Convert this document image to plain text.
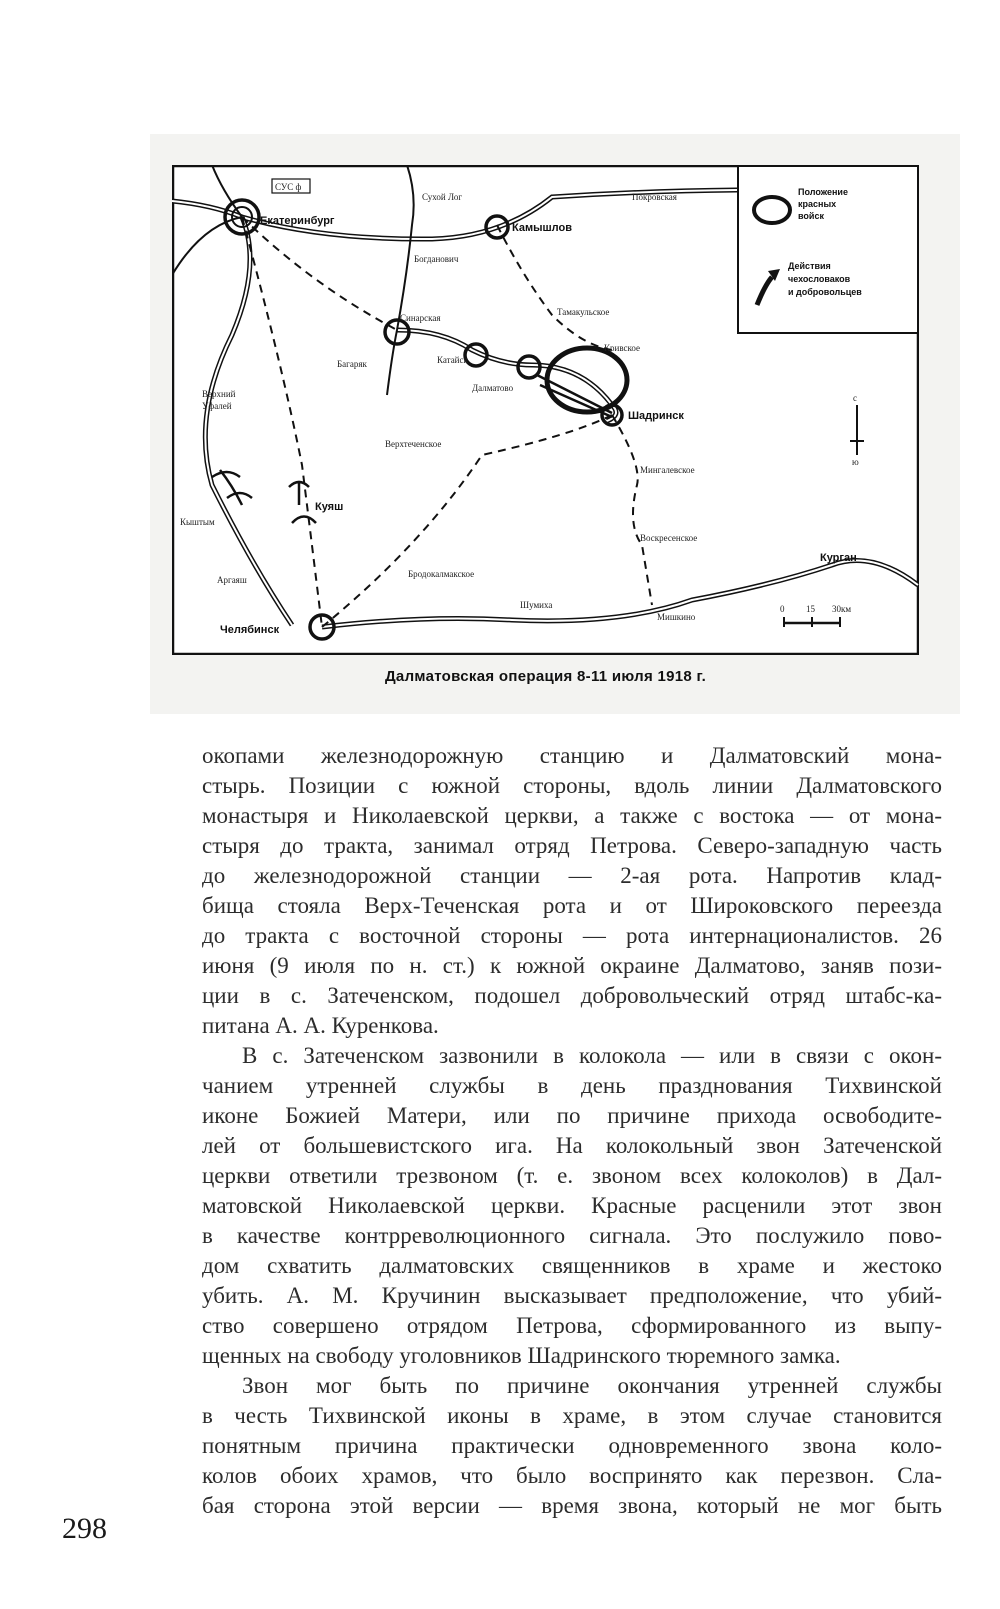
Положение
красных
войск
Действия
чехословаков
и добровольцев
с
ю
0 15 30км
СУС ф
Екатеринбург
Камышлов
Сухой Лог	Покровская
Богданович
Синарская
Багаряк	Катайск
Далматово
Тамакульское
Кривское
Шадринск
Верхний
Уфалей
Верхтеченское
Мингалевское
Кыштым
Куяш
Воскресенское
Аргаяш
Бродокалмакское
Курган
Шумиха
Мишкино
Челябинск
Далматовская операция 8-11 июля 1918 г.
окопами железнодорожную станцию и Далматовский мона-
стырь. Позиции с южной стороны, вдоль линии Далматовского
монастыря и Николаевской церкви, а также с востока — от мона-
стыря до тракта, занимал отряд Петрова. Северо-западную часть
до железнодорожной станции — 2-ая рота. Напротив клад-
бища стояла Верх-Теченская рота и от Широковского переезда
до тракта с восточной стороны — рота интернационалистов. 26
июня (9 июля по н. ст.) к южной окраине Далматово, заняв пози-
ции в с. Затеченском, подошел добровольческий отряд штабс-ка-
питана А. А. Куренкова.
В с. Затеченском зазвонили в колокола — или в связи с окон-
чанием утренней службы в день празднования Тихвинской
иконе Божией Матери, или по причине прихода освободите-
лей от большевистского ига. На колокольный звон Затеченской
церкви ответили трезвоном (т. е. звоном всех колоколов) в Дал-
матовской Николаевской церкви. Красные расценили этот звон
в качестве контрреволюционного сигнала. Это послужило пово-
дом схватить далматовских священников в храме и жестоко
убить. А. М. Кручинин высказывает предположение, что убий-
ство совершено отрядом Петрова, сформированного из выпу-
щенных на свободу уголовников Шадринского тюремного замка.
Звон мог быть по причине окончания утренней службы
в честь Тихвинской иконы в храме, в этом случае становится
понятным причина практически одновременного звона коло-
колов обоих храмов, что было воспринято как перезвон. Сла-
бая сторона этой версии — время звона, который не мог быть
298
